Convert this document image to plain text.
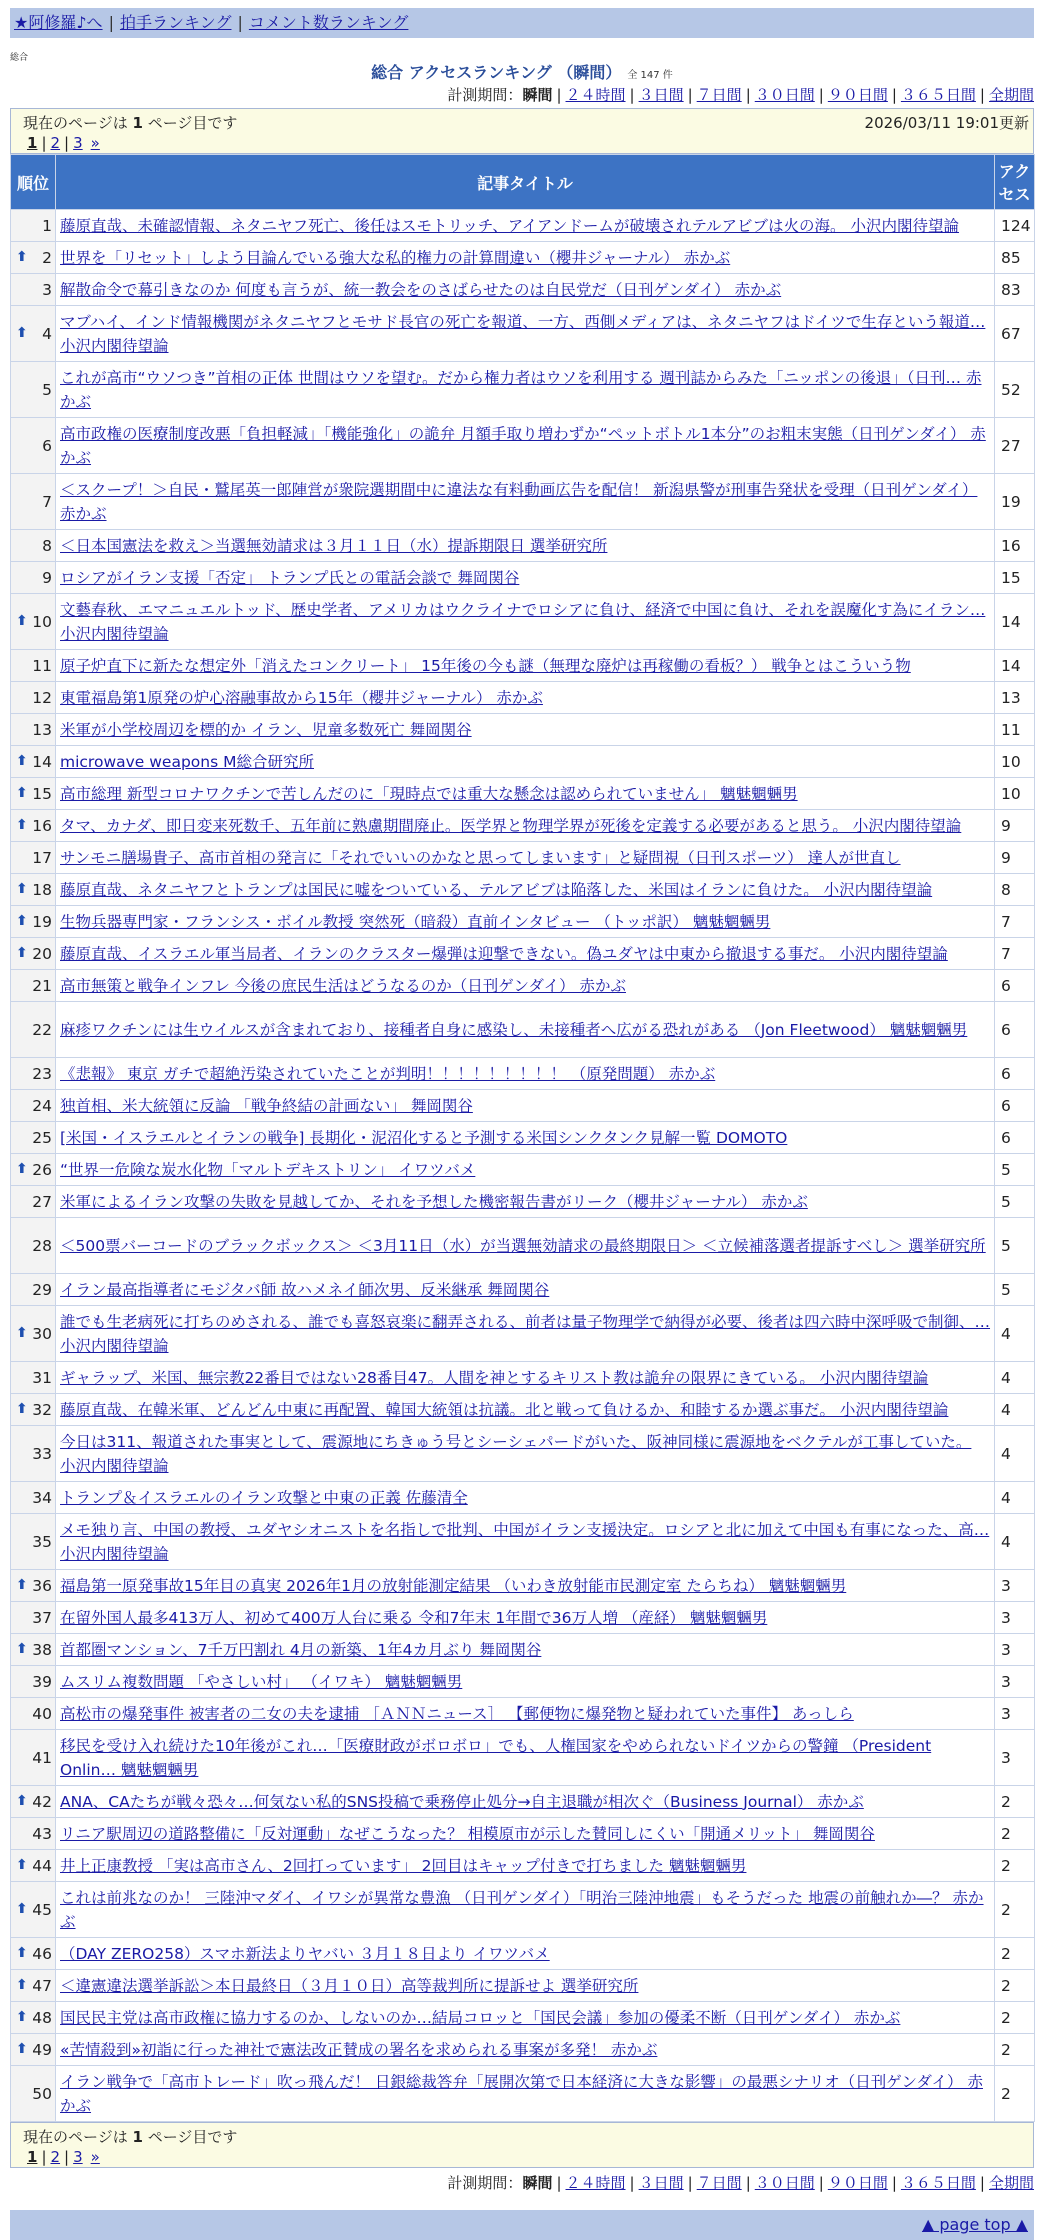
★阿修羅♪へ | 拍手ランキング | コメント数ランキング
総合
総合 アクセスランキング （瞬間） 全 147 件
計測期間：瞬間 | ２４時間 | ３日間 | ７日間 | ３０日間 | ９０日間 | ３６５日間 | 全期間
現在のページは 1 ページ目です	2026/03/11 19:01更新
1 | 2 | 3 »
順位	記事タイトル	アクセス
1	藤原直哉、未確認情報、ネタニヤフ死亡、後任はスモトリッチ、アイアンドームが破壊されテルアビブは火の海。 小沢内閣待望論	124

⬆ 2	世界を「リセット」しよう目論んでいる強大な私的権力の計算間違い（櫻井ジャーナル） 赤かぶ	85
3	解散命令で幕引きなのか 何度も言うが、統一教会をのさばらせたのは自民党だ（日刊ゲンダイ） 赤かぶ	83

⬆ 4	マブハイ、インド情報機関がネタニヤフとモサド長官の死亡を報道、一方、西側メディアは、ネタニヤフはドイツで生存という報道… 小沢内閣待望論	67
5	これが高市“ウソつき”首相の正体 世間はウソを望む。だから権力者はウソを利用する 週刊誌からみた「ニッポンの後退」（日刊… 赤かぶ	52
6	高市政権の医療制度改悪「負担軽減」「機能強化」の詭弁 月額手取り増わずか“ペットボトル1本分”のお粗末実態（日刊ゲンダイ） 赤かぶ	27
7	＜スクープ！＞自民・鷲尾英一郎陣営が衆院選期間中に違法な有料動画広告を配信！ 新潟県警が刑事告発状を受理（日刊ゲンダイ） 赤かぶ	19
8	＜日本国憲法を救え＞当選無効請求は３月１１日（水）提訴期限日 選挙研究所	16
9	ロシアがイラン支援「否定」 トランプ氏との電話会談で 舞岡関谷	15

⬆ 10	文藝春秋、エマニュエルトッド、歴史学者、アメリカはウクライナでロシアに負け、経済で中国に負け、それを誤魔化す為にイラン… 小沢内閣待望論	14
11	原子炉直下に新たな想定外「消えたコンクリート」 15年後の今も謎（無理な廃炉は再稼働の看板？） 戦争とはこういう物	14
12	東電福島第1原発の炉心溶融事故から15年（櫻井ジャーナル） 赤かぶ	13
13	米軍が小学校周辺を標的か イラン、児童多数死亡 舞岡関谷	11

⬆ 14	microwave weapons M総合研究所	10

⬆ 15	高市総理 新型コロナワクチンで苦しんだのに「現時点では重大な懸念は認められていません」 魑魅魍魎男	10

⬆ 16	タマ、カナダ、即日変来死数千、五年前に熟慮期間廃止。医学界と物理学界が死後を定義する必要があると思う。 小沢内閣待望論	9
17	サンモニ膳場貴子、高市首相の発言に「それでいいのかなと思ってしまいます」と疑問視（日刊スポーツ） 達人が世直し	9

⬆ 18	藤原直哉、ネタニヤフとトランプは国民に嘘をついている、テルアビブは陥落した、米国はイランに負けた。 小沢内閣待望論	8

⬆ 19	生物兵器専門家・フランシス・ボイル教授 突然死（暗殺）直前インタビュー （トッポ訳） 魑魅魍魎男	7

⬆ 20	藤原直哉、イスラエル軍当局者、イランのクラスター爆弾は迎撃できない。偽ユダヤは中東から撤退する事だ。 小沢内閣待望論	7
21	高市無策と戦争インフレ 今後の庶民生活はどうなるのか（日刊ゲンダイ） 赤かぶ	6
22	麻疹ワクチンには生ウイルスが含まれており、接種者自身に感染し、未接種者へ広がる恐れがある （Jon Fleetwood） 魑魅魍魎男	6
23	《悲報》 東京 ガチで超絶汚染されていたことが判明！！！！！！！！！ （原発問題） 赤かぶ	6
24	独首相、米大統領に反論 「戦争終結の計画ない」 舞岡関谷	6
25	[米国・イスラエルとイランの戦争] 長期化・泥沼化すると予測する米国シンクタンク見解一覧 DOMOTO	6

⬆ 26	“世界一危険な炭水化物「マルトデキストリン」 イワツバメ	5
27	米軍によるイラン攻撃の失敗を見越してか、それを予想した機密報告書がリーク（櫻井ジャーナル） 赤かぶ	5
28	＜500票バーコードのブラックボックス＞ ＜3月11日（水）が当選無効請求の最終期限日＞ ＜立候補落選者提訴すべし＞ 選挙研究所	5
29	イラン最高指導者にモジタバ師 故ハメネイ師次男、反米継承 舞岡関谷	5

⬆ 30	誰でも生老病死に打ちのめされる、誰でも喜怒哀楽に翻弄される、前者は量子物理学で納得が必要、後者は四六時中深呼吸で制御、… 小沢内閣待望論	4
31	ギャラップ、米国、無宗教22番目ではない28番目47。人間を神とするキリスト教は詭弁の限界にきている。 小沢内閣待望論	4

⬆ 32	藤原直哉、在韓米軍、どんどん中東に再配置、韓国大統領は抗議。北と戦って負けるか、和睦するか選ぶ事だ。 小沢内閣待望論	4
33	今日は311、報道された事実として、震源地にちきゅう号とシーシェパードがいた、阪神同様に震源地をベクテルが工事していた。 小沢内閣待望論	4
34	トランプ＆イスラエルのイラン攻撃と中東の正義 佐藤清全	4
35	メモ独り言、中国の教授、ユダヤシオニストを名指しで批判、中国がイラン支援決定。ロシアと北に加えて中国も有事になった、高… 小沢内閣待望論	4

⬆ 36	福島第一原発事故15年目の真実 2026年1月の放射能測定結果 （いわき放射能市民測定室 たらちね） 魑魅魍魎男	3
37	在留外国人最多413万人、初めて400万人台に乗る 令和7年末 1年間で36万人増 （産経） 魑魅魍魎男	3

⬆ 38	首都圏マンション、7千万円割れ 4月の新築、1年4カ月ぶり 舞岡関谷	3
39	ムスリム複数問題 「やさしい村」 （イワキ） 魑魅魍魎男	3
40	高松市の爆発事件 被害者の二女の夫を逮捕 ［ＡＮＮニュース］ 【郵便物に爆発物と疑われていた事件】 あっしら	3
41	移民を受け入れ続けた10年後がこれ…「医療財政がボロボロ」でも、人権国家をやめられないドイツからの警鐘 （President Onlin… 魑魅魍魎男	3

⬆ 42	ANA、CAたちが戦々恐々…何気ない私的SNS投稿で乗務停止処分→自主退職が相次ぐ（Business Journal） 赤かぶ	2
43	リニア駅周辺の道路整備に「反対運動」なぜこうなった？ 相模原市が示した賛同しにくい「開通メリット」 舞岡関谷	2

⬆ 44	井上正康教授 「実は高市さん、2回打っています」 2回目はキャップ付きで打ちました 魑魅魍魎男	2

⬆ 45	これは前兆なのか！ 三陸沖マダイ、イワシが異常な豊漁 （日刊ゲンダイ）「明治三陸沖地震」もそうだった 地震の前触れか―？ 赤かぶ	2

⬆ 46	（DAY ZERO258）スマホ新法よりヤバい ３月１８日より イワツバメ	2

⬆ 47	＜違憲違法選挙訴訟＞本日最終日（３月１０日）高等裁判所に提訴せよ 選挙研究所	2

⬆ 48	国民民主党は高市政権に協力するのか、しないのか…結局コロッと「国民会議」参加の優柔不断（日刊ゲンダイ） 赤かぶ	2

⬆ 49	«苦情殺到»初詣に行った神社で憲法改正賛成の署名を求められる事案が多発！ 赤かぶ	2
50	イラン戦争で「高市トレード」吹っ飛んだ！ 日銀総裁答弁「展開次第で日本経済に大きな影響」の最悪シナリオ（日刊ゲンダイ） 赤かぶ	2
現在のページは 1 ページ目です
1 | 2 | 3 »
計測期間：瞬間 | ２４時間 | ３日間 | ７日間 | ３０日間 | ９０日間 | ３６５日間 | 全期間
▲ page top ▲
